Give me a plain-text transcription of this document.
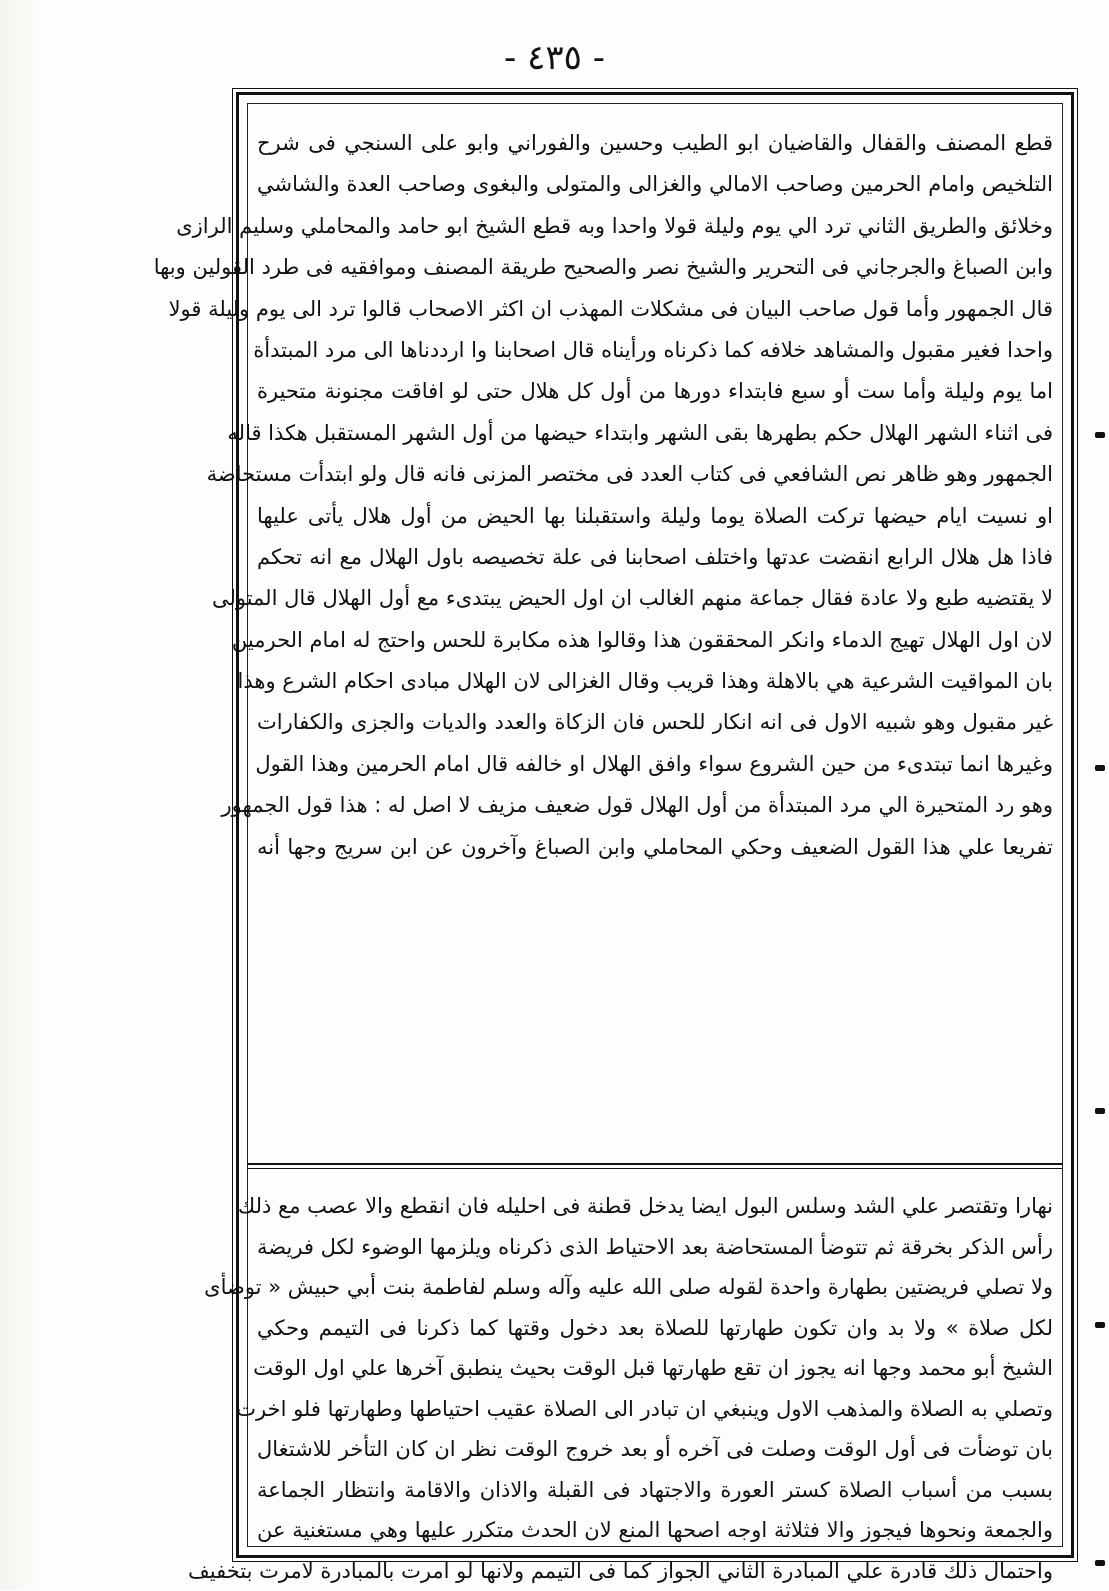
- ٤٣٥ -
قطع المصنف والقفال والقاضيان ابو الطيب وحسين والفوراني وابو على السنجي فى شرح
التلخيص وامام الحرمين وصاحب الامالي والغزالى والمتولى والبغوى وصاحب العدة والشاشي
وخلائق والطريق الثاني ترد الي يوم وليلة قولا واحدا وبه قطع الشيخ ابو حامد والمحاملي وسليم الرازى
وابن الصباغ والجرجاني فى التحرير والشيخ نصر والصحيح طريقة المصنف وموافقيه فى طرد القولين وبها
قال الجمهور وأما قول صاحب البيان فى مشكلات المهذب ان اكثر الاصحاب قالوا ترد الى يوم وليلة قولا
واحدا فغير مقبول والمشاهد خلافه كما ذكرناه ورأيناه قال اصحابنا وا ارددناها الى مرد المبتدأة
اما يوم وليلة وأما ست أو سبع فابتداء دورها من أول كل هلال حتى لو افاقت مجنونة متحيرة
فى اثناء الشهر الهلال حكم بطهرها بقى الشهر وابتداء حيضها من أول الشهر المستقبل هكذا قاله
الجمهور وهو ظاهر نص الشافعي فى كتاب العدد فى مختصر المزنى فانه قال ولو ابتدأت مستحاضة
او نسيت ايام حيضها تركت الصلاة يوما وليلة واستقبلنا بها الحيض من أول هلال يأتى عليها
فاذا هل هلال الرابع انقضت عدتها واختلف اصحابنا فى علة تخصيصه باول الهلال مع انه تحكم
لا يقتضيه طبع ولا عادة فقال جماعة منهم الغالب ان اول الحيض يبتدىء مع أول الهلال قال المتولى
لان اول الهلال تهيج الدماء وانكر المحققون هذا وقالوا هذه مكابرة للحس واحتج له امام الحرمين
بان المواقيت الشرعية هي بالاهلة وهذا قريب وقال الغزالى لان الهلال مبادى احكام الشرع وهذا
غير مقبول وهو شبيه الاول فى انه انكار للحس فان الزكاة والعدد والديات والجزى والكفارات
وغيرها انما تبتدىء من حين الشروع سواء وافق الهلال او خالفه قال امام الحرمين وهذا القول
وهو رد المتحيرة الي مرد المبتدأة من أول الهلال قول ضعيف مزيف لا اصل له : هذا قول الجمهور
تفريعا علي هذا القول الضعيف وحكي المحاملي وابن الصباغ وآخرون عن ابن سريج وجها أنه
نهارا وتقتصر علي الشد وسلس البول ايضا يدخل قطنة فى احليله فان انقطع والا عصب مع ذلك
رأس الذكر بخرقة ثم تتوضأ المستحاضة بعد الاحتياط الذى ذكرناه ويلزمها الوضوء لكل فريضة
ولا تصلي فريضتين بطهارة واحدة لقوله صلى الله عليه وآله وسلم لفاطمة بنت أبي حبيش « توضأى
لكل صلاة » ولا بد وان تكون طهارتها للصلاة بعد دخول وقتها كما ذكرنا فى التيمم وحكي
الشيخ أبو محمد وجها انه يجوز ان تقع طهارتها قبل الوقت بحيث ينطبق آخرها علي اول الوقت
وتصلي به الصلاة والمذهب الاول وينبغي ان تبادر الى الصلاة عقيب احتياطها وطهارتها فلو اخرت
بان توضأت فى أول الوقت وصلت فى آخره أو بعد خروج الوقت نظر ان كان التأخر للاشتغال
بسبب من أسباب الصلاة كستر العورة والاجتهاد فى القبلة والاذان والاقامة وانتظار الجماعة
والجمعة ونحوها فيجوز والا فثلاثة اوجه اصحها المنع لان الحدث متكرر عليها وهي مستغنية عن
واحتمال ذلك قادرة علي المبادرة الثاني الجواز كما فى التيمم ولانها لو امرت بالمبادرة لامرت بتخفيف
